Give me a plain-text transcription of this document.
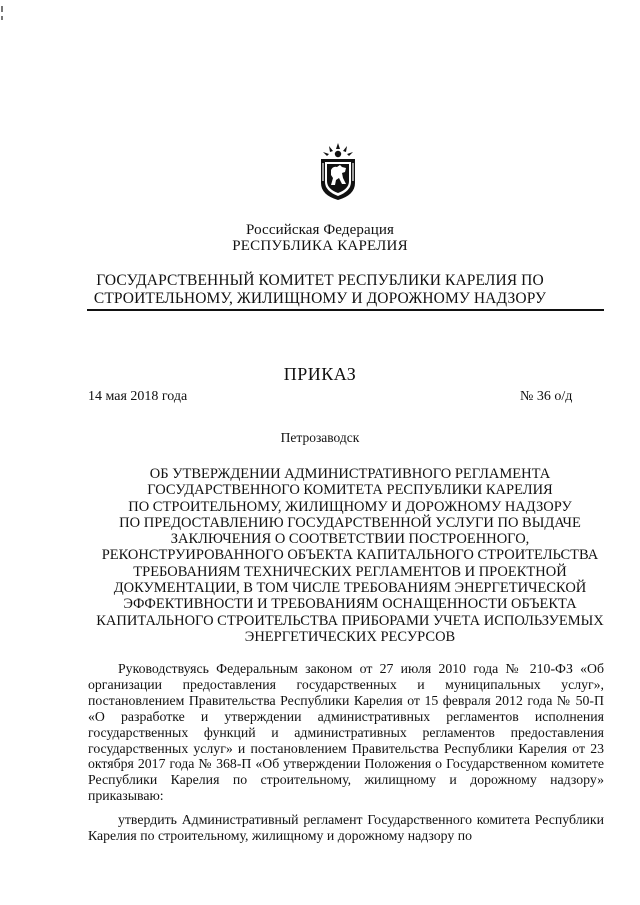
Российская Федерация
РЕСПУБЛИКА КАРЕЛИЯ
ГОСУДАРСТВЕННЫЙ КОМИТЕТ РЕСПУБЛИКИ КАРЕЛИЯ ПО
СТРОИТЕЛЬНОМУ, ЖИЛИЩНОМУ И ДОРОЖНОМУ НАДЗОРУ
ПРИКАЗ
14 мая 2018 года	№ 36 о/д
Петрозаводск
ОБ УТВЕРЖДЕНИИ АДМИНИСТРАТИВНОГО РЕГЛАМЕНТА
ГОСУДАРСТВЕННОГО КОМИТЕТА РЕСПУБЛИКИ КАРЕЛИЯ
ПО СТРОИТЕЛЬНОМУ, ЖИЛИЩНОМУ И ДОРОЖНОМУ НАДЗОРУ
ПО ПРЕДОСТАВЛЕНИЮ ГОСУДАРСТВЕННОЙ УСЛУГИ ПО ВЫДАЧЕ
ЗАКЛЮЧЕНИЯ О СООТВЕТСТВИИ ПОСТРОЕННОГО,
РЕКОНСТРУИРОВАННОГО ОБЪЕКТА КАПИТАЛЬНОГО СТРОИТЕЛЬСТВА
ТРЕБОВАНИЯМ ТЕХНИЧЕСКИХ РЕГЛАМЕНТОВ И ПРОЕКТНОЙ
ДОКУМЕНТАЦИИ, В ТОМ ЧИСЛЕ ТРЕБОВАНИЯМ ЭНЕРГЕТИЧЕСКОЙ
ЭФФЕКТИВНОСТИ И ТРЕБОВАНИЯМ ОСНАЩЕННОСТИ ОБЪЕКТА
КАПИТАЛЬНОГО СТРОИТЕЛЬСТВА ПРИБОРАМИ УЧЕТА ИСПОЛЬЗУЕМЫХ
ЭНЕРГЕТИЧЕСКИХ РЕСУРСОВ

Руководствуясь Федеральным законом от 27 июля 2010 года № 210-ФЗ «Об организации предоставления государственных и муниципальных услуг», постановлением Правительства Республики Карелия от 15 февраля 2012 года № 50-П «О разработке и утверждении административных регламентов исполнения государственных функций и административных регламентов предоставления государственных услуг» и постановлением Правительства Республики Карелия от 23 октября 2017 года № 368-П «Об утверждении Положения о Государственном комитете Республики Карелия по строительному, жилищному и дорожному надзору» приказываю:

утвердить Административный регламент Государственного комитета Республики Карелия по строительному, жилищному и дорожному надзору по
